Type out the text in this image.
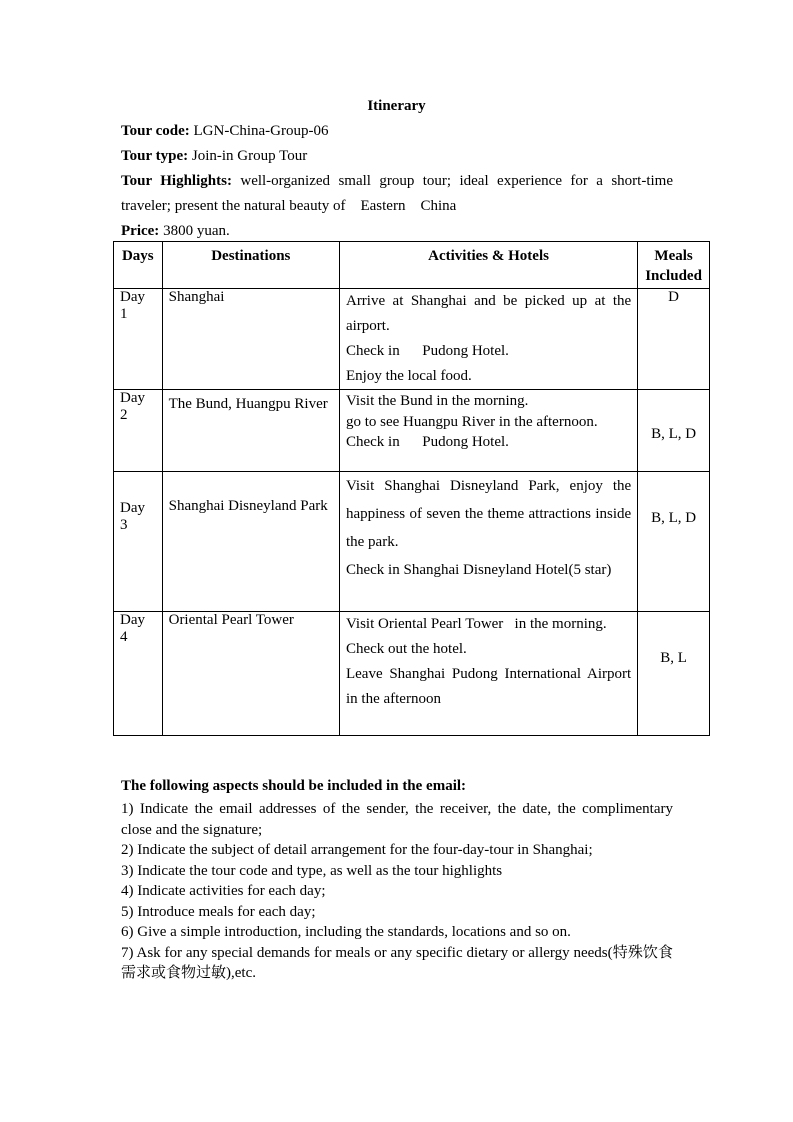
Itinerary
Tour code: LGN-China-Group-06
Tour type: Join-in Group Tour
Tour Highlights: well-organized small group tour; ideal experience for a short-time traveler; present the natural beauty of    Eastern    China
Price: 3800 yuan.
Days	Destinations	Activities & Hotels	Meals Included
Day 1	Shanghai	Arrive at Shanghai and be picked up at the airport.
Check in      Pudong Hotel.
Enjoy the local food.	D
Day 2	The Bund, Huangpu River	Visit the Bund in the morning.
go to see Huangpu River in the afternoon.
Check in      Pudong Hotel.	B, L, D
Day 3	Shanghai Disneyland Park	Visit Shanghai Disneyland Park, enjoy the happiness of seven the theme attractions inside the park.
Check in Shanghai Disneyland Hotel(5 star)	B, L, D
Day 4	Oriental Pearl Tower	Visit Oriental Pearl Tower   in the morning.
Check out the hotel.
Leave Shanghai Pudong International Airport in the afternoon	B, L
The following aspects should be included in the email:
1) Indicate the email addresses of the sender, the receiver, the date, the complimentary close and the signature;
2) Indicate the subject of detail arrangement for the four-day-tour in Shanghai;
3) Indicate the tour code and type, as well as the tour highlights
4) Indicate activities for each day;
5) Introduce meals for each day;
6) Give a simple introduction, including the standards, locations and so on.
7) Ask for any special demands for meals or any specific dietary or allergy needs(特殊饮食需求或食物过敏),etc.
